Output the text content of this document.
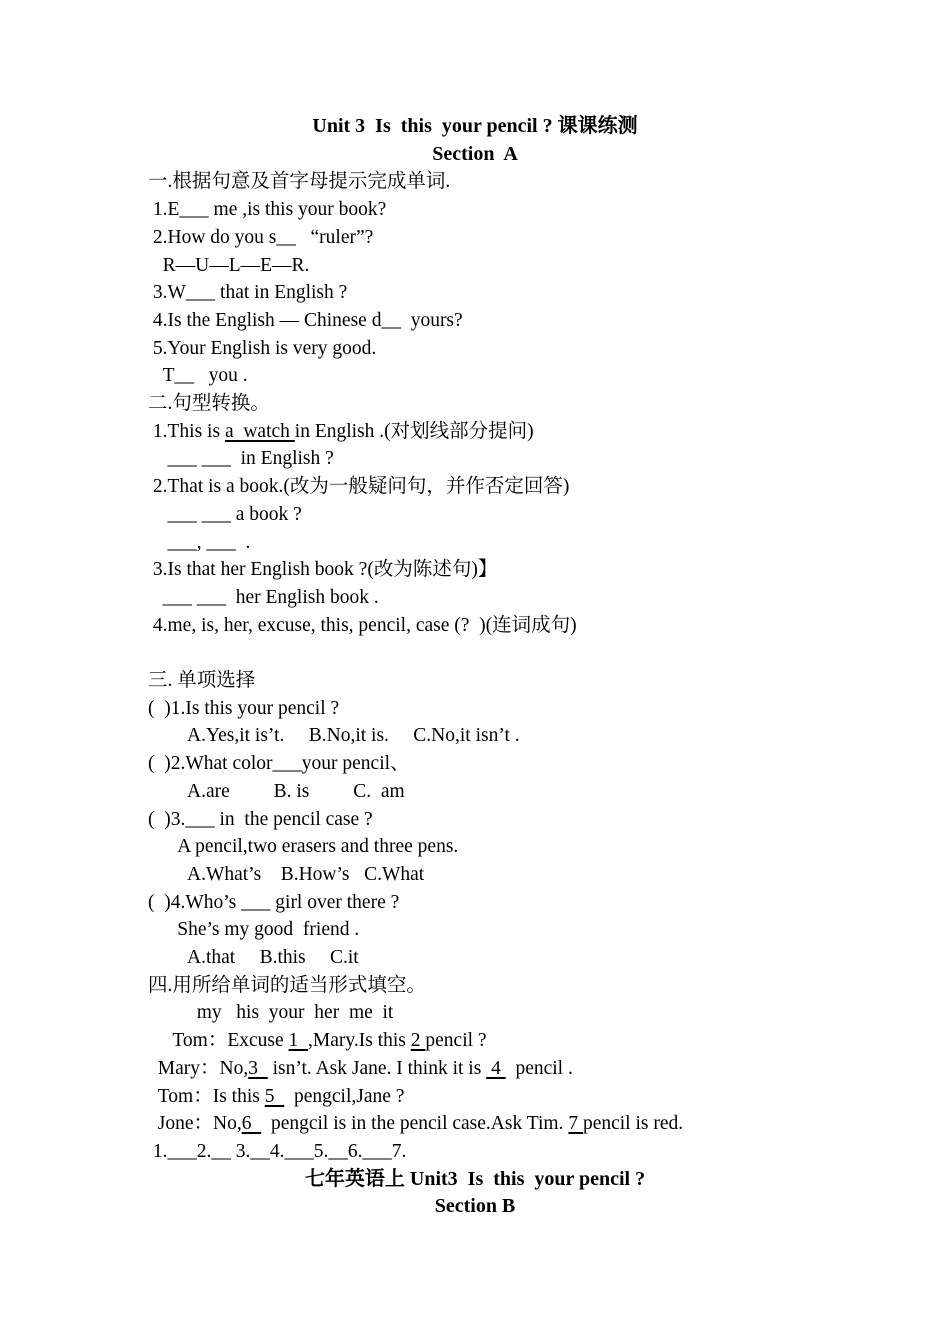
Unit 3  Is  this  your pencil ? 课课练测
Section  A
一.根据句意及首字母提示完成单词.
1.E___ me ,is this your book?
2.How do you s__   “ruler”?
R—U—L—E—R.
3.W___ that in English ?
4.Is the English — Chinese d__  yours?
5.Your English is very good.
T__   you .
二.句型转换。
1.This is a  watch in English .(对划线部分提问)
___ ___  in English ?
2.That is a book.(改为一般疑问句，并作否定回答)
___ ___ a book ?
___, ___  .
3.Is that her English book ?(改为陈述句)】
___ ___  her English book .
4.me, is, her, excuse, this, pencil, case (?  )(连词成句)
三. 单项选择
(  )1.Is this your pencil ?
A.Yes,it is’t.     B.No,it is.     C.No,it isn’t .
(  )2.What color___your pencil、
A.are         B. is         C.  am
(  )3.___ in  the pencil case ?
A pencil,two erasers and three pens.
A.What’s    B.How’s   C.What
(  )4.Who’s ___ girl over there ?
She’s my good  friend .
A.that     B.this     C.it
四.用所给单词的适当形式填空。
my   his  your  her  me  it
Tom：Excuse 1  ,Mary.Is this 2 pencil ?
Mary：No,3   isn’t. Ask Jane. I think it is  4   pencil .
Tom：Is this 5    pengcil,Jane ?
Jone：No,6    pengcil is in the pencil case.Ask Tim. 7 pencil is red.
1.___2.__ 3.__4.___5.__6.___7.
七年英语上 Unit3  Is  this  your pencil ?
Section B
